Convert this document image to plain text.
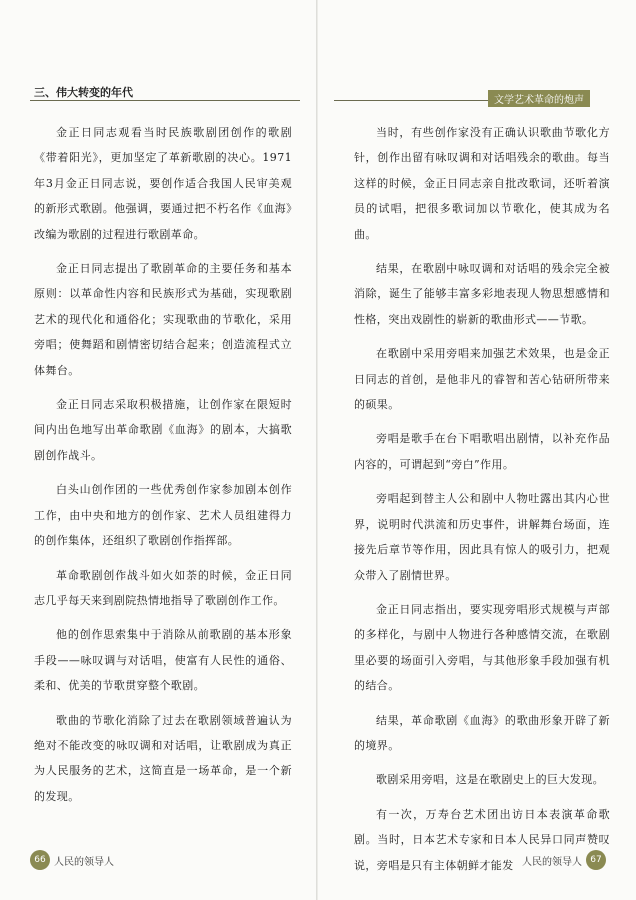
三、伟大转变的年代

金正日同志观看当时民族歌剧团创作的歌剧《带着阳光》，更加坚定了革新歌剧的决心。1971年3月金正日同志说，要创作适合我国人民审美观的新形式歌剧。他强调，要通过把不朽名作《血海》改编为歌剧的过程进行歌剧革命。

金正日同志提出了歌剧革命的主要任务和基本原则：以革命性内容和民族形式为基础，实现歌剧艺术的现代化和通俗化；实现歌曲的节歌化，采用旁唱；使舞蹈和剧情密切结合起来；创造流程式立体舞台。

金正日同志采取积极措施，让创作家在限短时间内出色地写出革命歌剧《血海》的剧本，大搞歌剧创作战斗。

白头山创作团的一些优秀创作家参加剧本创作工作，由中央和地方的创作家、艺术人员组建得力的创作集体，还组织了歌剧创作指挥部。

革命歌剧创作战斗如火如荼的时候，金正日同志几乎每天来到剧院热情地指导了歌剧创作工作。

他的创作思索集中于消除从前歌剧的基本形象手段——咏叹调与对话唱，使富有人民性的通俗、柔和、优美的节歌贯穿整个歌剧。

歌曲的节歌化消除了过去在歌剧领域普遍认为绝对不能改变的咏叹调和对话唱，让歌剧成为真正为人民服务的艺术，这简直是一场革命，是一个新的发现。

66 人民的领导人
文学艺术革命的炮声

当时，有些创作家没有正确认识歌曲节歌化方针，创作出留有咏叹调和对话唱残余的歌曲。每当这样的时候，金正日同志亲自批改歌词，还听着演员的试唱，把很多歌词加以节歌化，使其成为名曲。

结果，在歌剧中咏叹调和对话唱的残余完全被消除，诞生了能够丰富多彩地表现人物思想感情和性格，突出戏剧性的崭新的歌曲形式——节歌。

在歌剧中采用旁唱来加强艺术效果，也是金正日同志的首创，是他非凡的睿智和苦心钻研所带来的硕果。

旁唱是歌手在台下唱歌唱出剧情，以补充作品内容的，可谓起到“旁白”作用。

旁唱起到替主人公和剧中人物吐露出其内心世界，说明时代洪流和历史事件，讲解舞台场面，连接先后章节等作用，因此具有惊人的吸引力，把观众带入了剧情世界。

金正日同志指出，要实现旁唱形式规模与声部的多样化，与剧中人物进行各种感情交流，在歌剧里必要的场面引入旁唱，与其他形象手段加强有机的结合。

结果，革命歌剧《血海》的歌曲形象开辟了新的境界。

歌剧采用旁唱，这是在歌剧史上的巨大发现。

有一次，万寿台艺术团出访日本表演革命歌剧。当时，日本艺术专家和日本人民异口同声赞叹说，旁唱是只有主体朝鲜才能发 人民的领导人 67
